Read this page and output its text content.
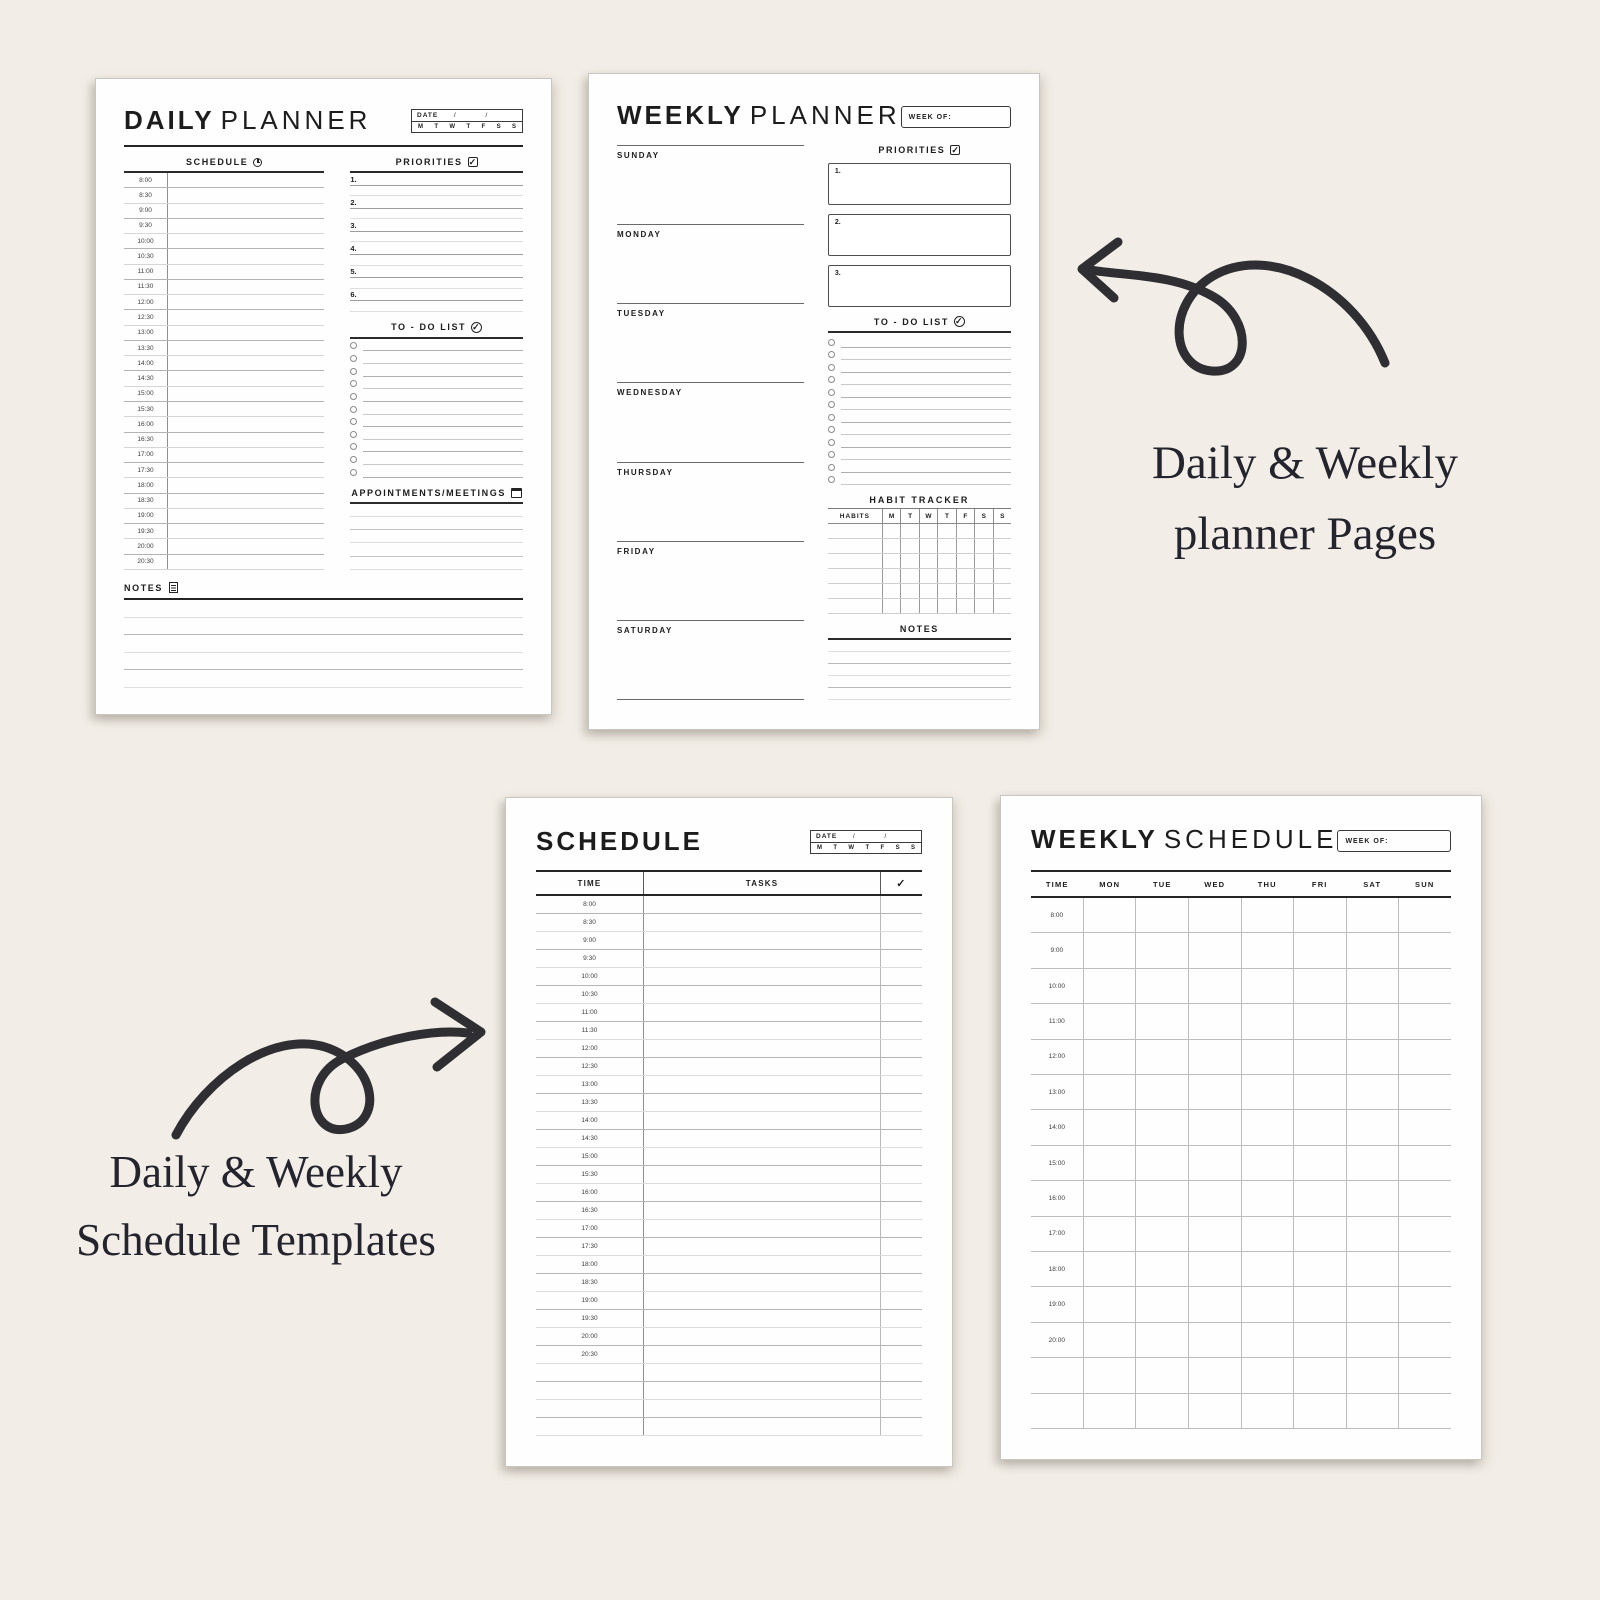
DAILY PLANNER	DATE	/ /
M T W T F S S
SCHEDULE
8:00
8:30
9:00
9:30
10:00
10:30
11:00
11:30
12:00
12:30
13:00
13:30
14:00
14:30
15:00
15:30
16:00
16:30
17:00
17:30
18:00
18:30
19:00
19:30
20:00
20:30
PRIORITIES
✓
1.
2.
3.
4.
5.
6.
TO - DO LIST
✓
APPOINTMENTS/MEETINGS
NOTES
WEEKLY PLANNER WEEK OF:
SUNDAY
MONDAY
TUESDAY
WEDNESDAY
THURSDAY
FRIDAY
SATURDAY
PRIORITIES
✓
1.
2.
3.
TO - DO LIST
✓
HABIT TRACKER
HABITS	M	T	W	T	F	S	S
NOTES
SCHEDULE	DATE	/ /
M T W T F S S
TIME	TASKS	✓
8:00
8:30
9:00
9:30
10:00
10:30
11:00
11:30
12:00
12:30
13:00
13:30
14:00
14:30
15:00
15:30
16:00
16:30
17:00
17:30
18:00
18:30
19:00
19:30
20:00
20:30
WEEKLY SCHEDULE WEEK OF:
TIME	MON	TUE	WED	THU	FRI	SAT	SUN
8:00
9:00
10:00
11:00
12:00
13:00
14:00
15:00
16:00
17:00
18:00
19:00
20:00
Daily & Weekly
planner Pages
Daily & Weekly
Schedule Templates
